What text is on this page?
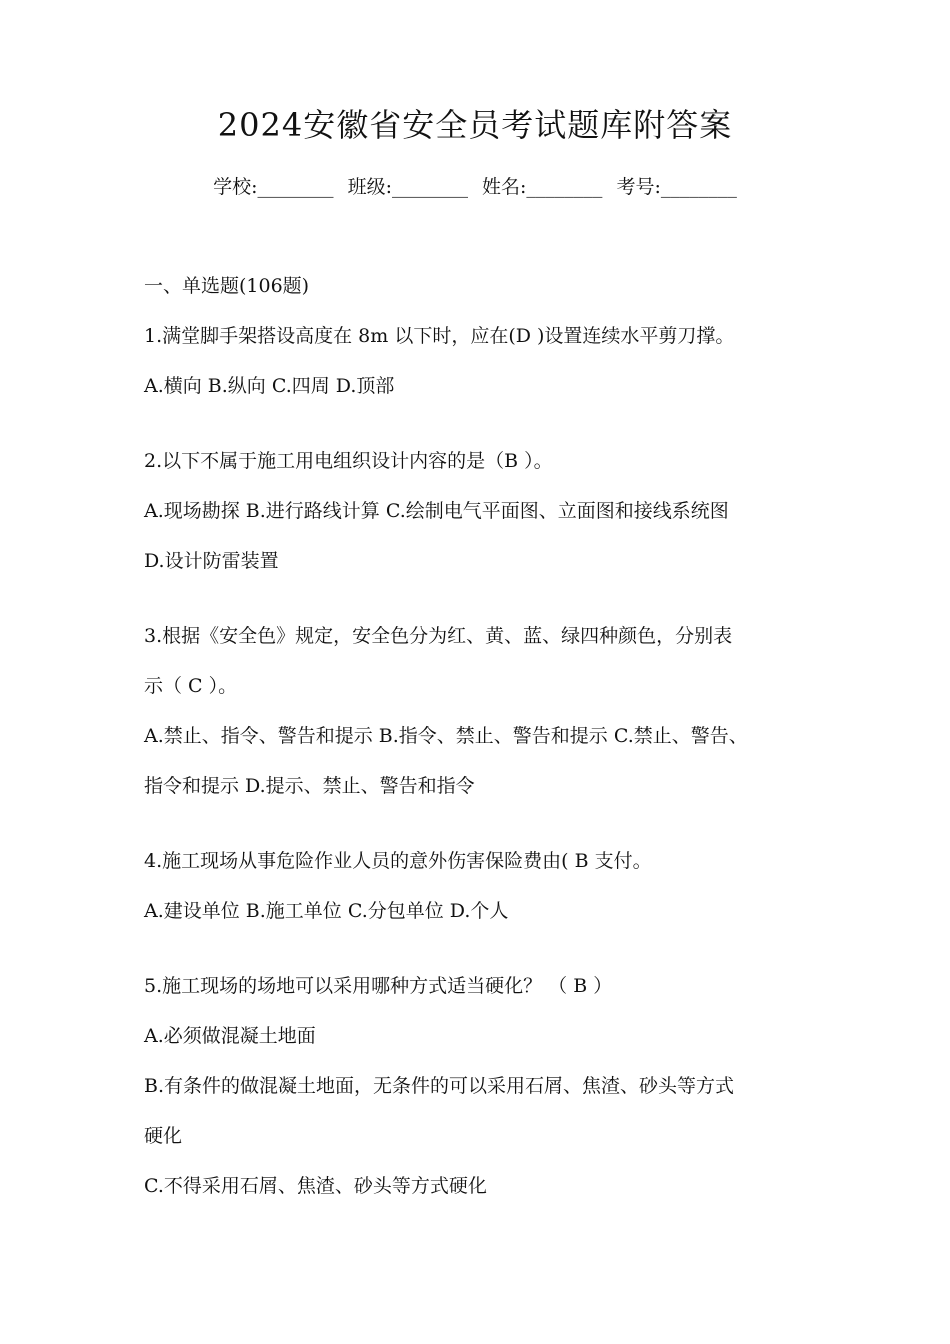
2024安徽省安全员考试题库附答案
学校:________ 班级:________ 姓名:________ 考号:________
一、单选题(106题)
1.满堂脚手架搭设高度在 8m 以下时，应在(D )设置连续水平剪刀撑。
A.横向 B.纵向 C.四周 D.顶部
2.以下不属于施工用电组织设计内容的是（B ）。
A.现场勘探 B.进行路线计算 C.绘制电气平面图、立面图和接线系统图
D.设计防雷装置
3.根据《安全色》规定，安全色分为红、黄、蓝、绿四种颜色，分别表
示（ C ）。
A.禁止、指令、警告和提示 B.指令、禁止、警告和提示 C.禁止、警告、
指令和提示 D.提示、禁止、警告和指令
4.施工现场从事危险作业人员的意外伤害保险费由( B 支付。
A.建设单位 B.施工单位 C.分包单位 D.个人
5.施工现场的场地可以采用哪种方式适当硬化？ （ B ）
A.必须做混凝土地面
B.有条件的做混凝土地面，无条件的可以采用石屑、焦渣、砂头等方式
硬化
C.不得采用石屑、焦渣、砂头等方式硬化
